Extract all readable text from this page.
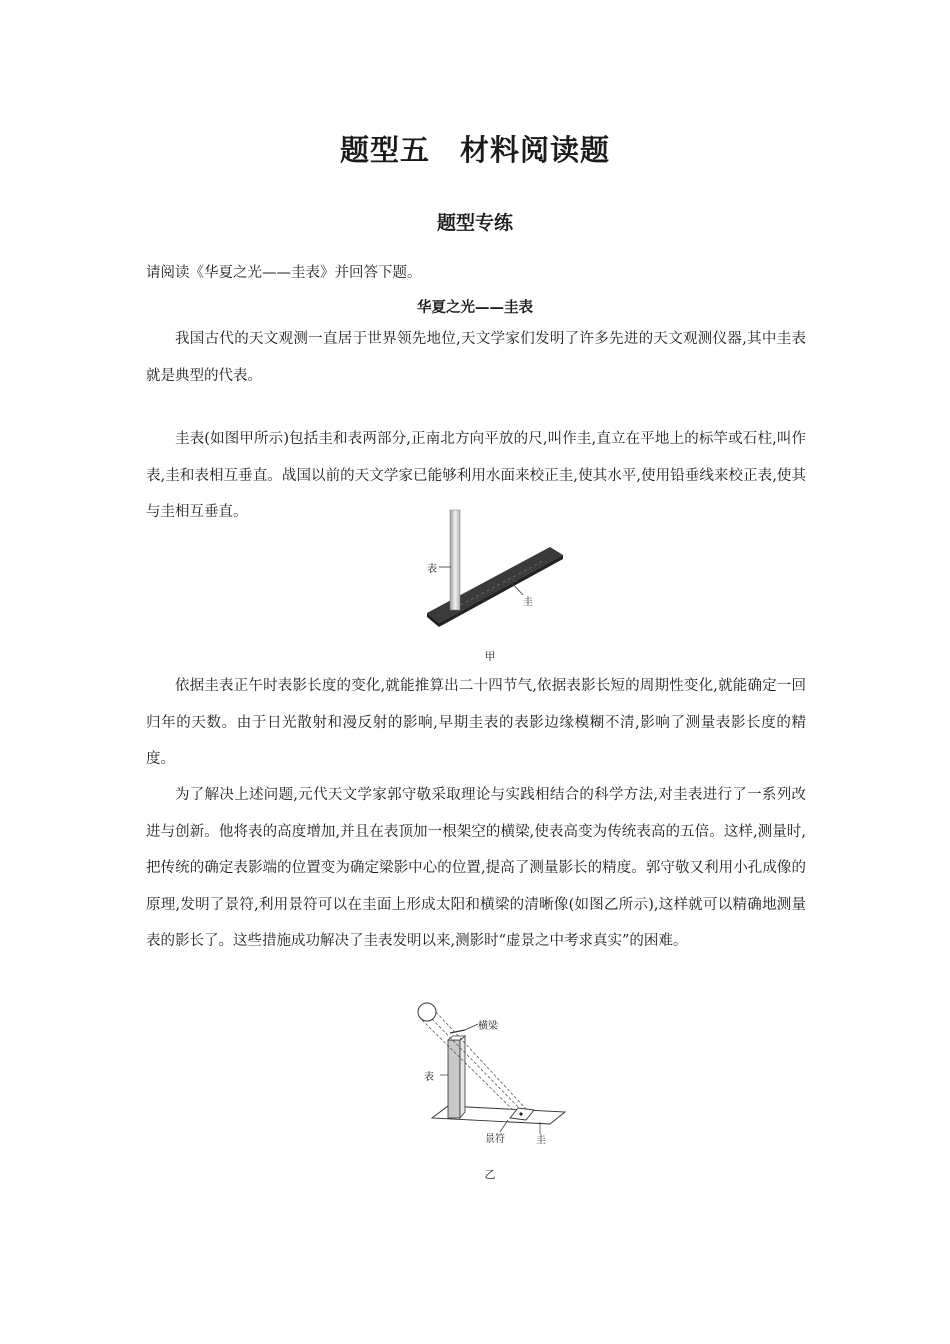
题型五 材料阅读题
题型专练

请阅读《华夏之光——圭表》并回答下题。

华夏之光——圭表

我国古代的天文观测一直居于世界领先地位,天文学家们发明了许多先进的天文观测仪器,其中圭表就是典型的代表。

圭表(如图甲所示)包括圭和表两部分,正南北方向平放的尺,叫作圭,直立在平地上的标竿或石柱,叫作表,圭和表相互垂直。战国以前的天文学家已能够利用水面来校正圭,使其水平,使用铅垂线来校正表,使其与圭相互垂直。

表
圭

甲

依据圭表正午时表影长度的变化,就能推算出二十四节气,依据表影长短的周期性变化,就能确定一回归年的天数。由于日光散射和漫反射的影响,早期圭表的表影边缘模糊不清,影响了测量表影长度的精度。

为了解决上述问题,元代天文学家郭守敬采取理论与实践相结合的科学方法,对圭表进行了一系列改进与创新。他将表的高度增加,并且在表顶加一根架空的横梁,使表高变为传统表高的五倍。这样,测量时,把传统的确定表影端的位置变为确定梁影中心的位置,提高了测量影长的精度。郭守敬又利用小孔成像的原理,发明了景符,利用景符可以在圭面上形成太阳和横梁的清晰像(如图乙所示),这样就可以精确地测量表的影长了。这些措施成功解决了圭表发明以来,测影时“虚景之中考求真实”的困难。

横梁
表
景符	圭

乙
